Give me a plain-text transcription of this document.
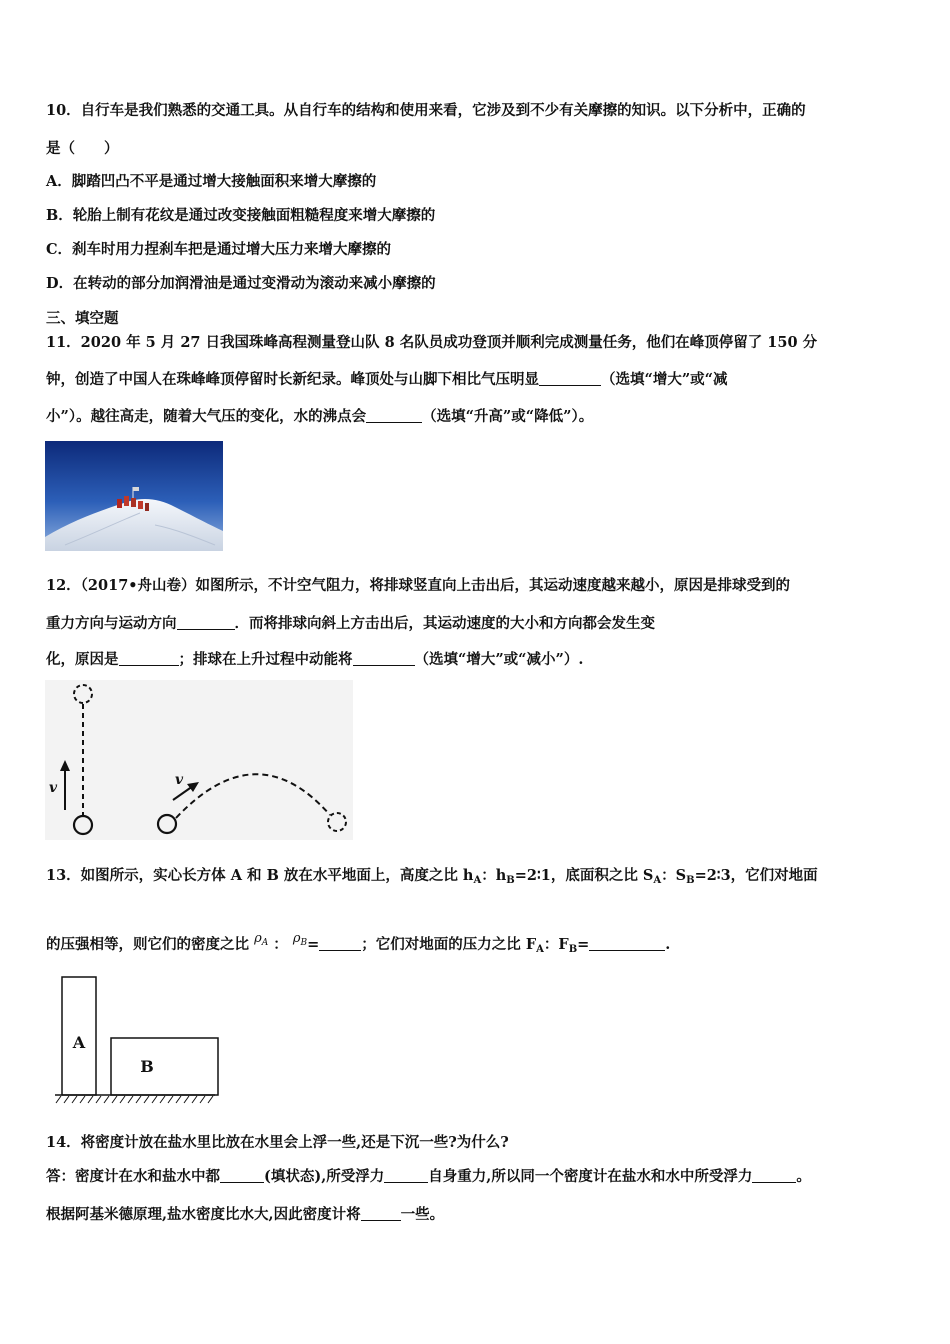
10．自行车是我们熟悉的交通工具。从自行车的结构和使用来看，它涉及到不少有关摩擦的知识。以下分析中，正确的
是（　　）
A．脚踏凹凸不平是通过增大接触面积来增大摩擦的
B．轮胎上制有花纹是通过改变接触面粗糙程度来增大摩擦的
C．刹车时用力捏刹车把是通过增大压力来增大摩擦的
D．在转动的部分加润滑油是通过变滑动为滚动来减小摩擦的
三、填空题
11．2020 年 5 月 27 日我国珠峰高程测量登山队 8 名队员成功登顶并顺利完成测量任务，他们在峰顶停留了 150 分
钟，创造了中国人在珠峰峰顶停留时长新纪录。峰顶处与山脚下相比气压明显	（选填“增大”或“减
小”）。越往高走，随着大气压的变化，水的沸点会	（选填“升高”或“降低”）。
12．（2017•舟山卷）如图所示，不计空气阻力，将排球竖直向上击出后，其运动速度越来越小，原因是排球受到的
重力方向与运动方向	．而将排球向斜上方击出后，其运动速度的大小和方向都会发生变
化，原因是	；排球在上升过程中动能将	（选填“增大”或“减小”）.
v	v
13．如图所示，实心长方体 A 和 B 放在水平地面上，高度之比 $h_A$：$h_B=2∶1$，底面积之比 $S_A$：$S_B=2∶3$，它们对地面
的压强相等，则它们的密度之比 $\rho_A$ ： $\rho_B=$	；它们对地面的压力之比 $F_A$：$F_B=$	.
A
B
14．将密度计放在盐水里比放在水里会上浮一些,还是下沉一些?为什么?
答：密度计在水和盐水中都	(填状态),所受浮力	自身重力,所以同一个密度计在盐水和水中所受浮力	。
根据阿基米德原理,盐水密度比水大,因此密度计将	一些。
